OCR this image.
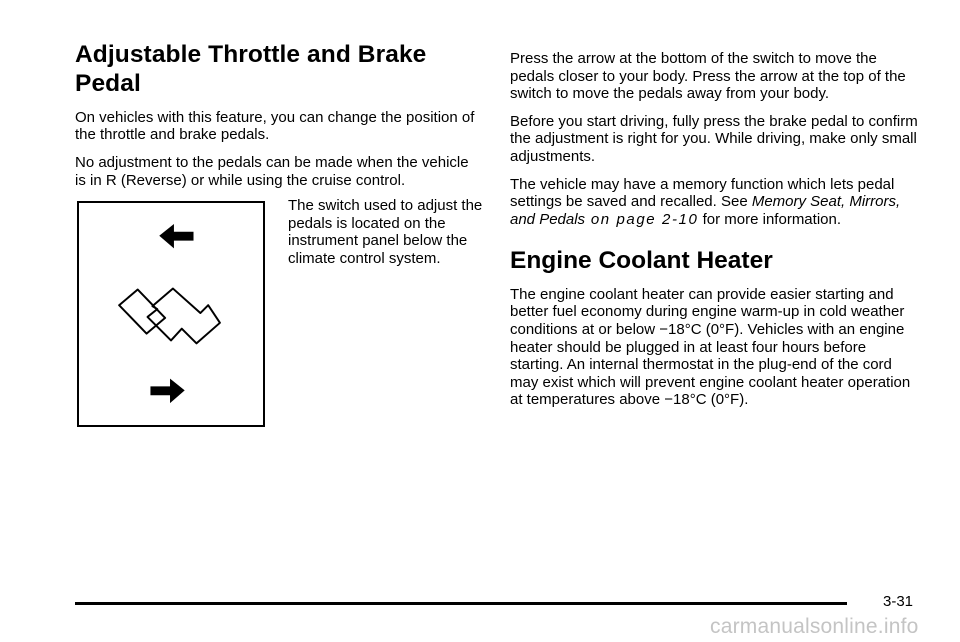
Adjustable Throttle and Brake Pedal

On vehicles with this feature, you can change the position of the throttle and brake pedals.

No adjustment to the pedals can be made when the vehicle is in R (Reverse) or while using the cruise control.

The switch used to adjust the pedals is located on the instrument panel below the climate control system.

Press the arrow at the bottom of the switch to move the pedals closer to your body. Press the arrow at the top of the switch to move the pedals away from your body.

Before you start driving, fully press the brake pedal to confirm the adjustment is right for you. While driving, make only small adjustments.

The vehicle may have a memory function which lets pedal settings be saved and recalled. See Memory Seat, Mirrors, and Pedals on page 2‑10 for more information.

Engine Coolant Heater

The engine coolant heater can provide easier starting and better fuel economy during engine warm-up in cold weather conditions at or below −18°C (0°F). Vehicles with an engine heater should be plugged in at least four hours before starting. An internal thermostat in the plug-end of the cord may exist which will prevent engine coolant heater operation at temperatures above −18°C (0°F).

3-31
carmanualsonline.info
